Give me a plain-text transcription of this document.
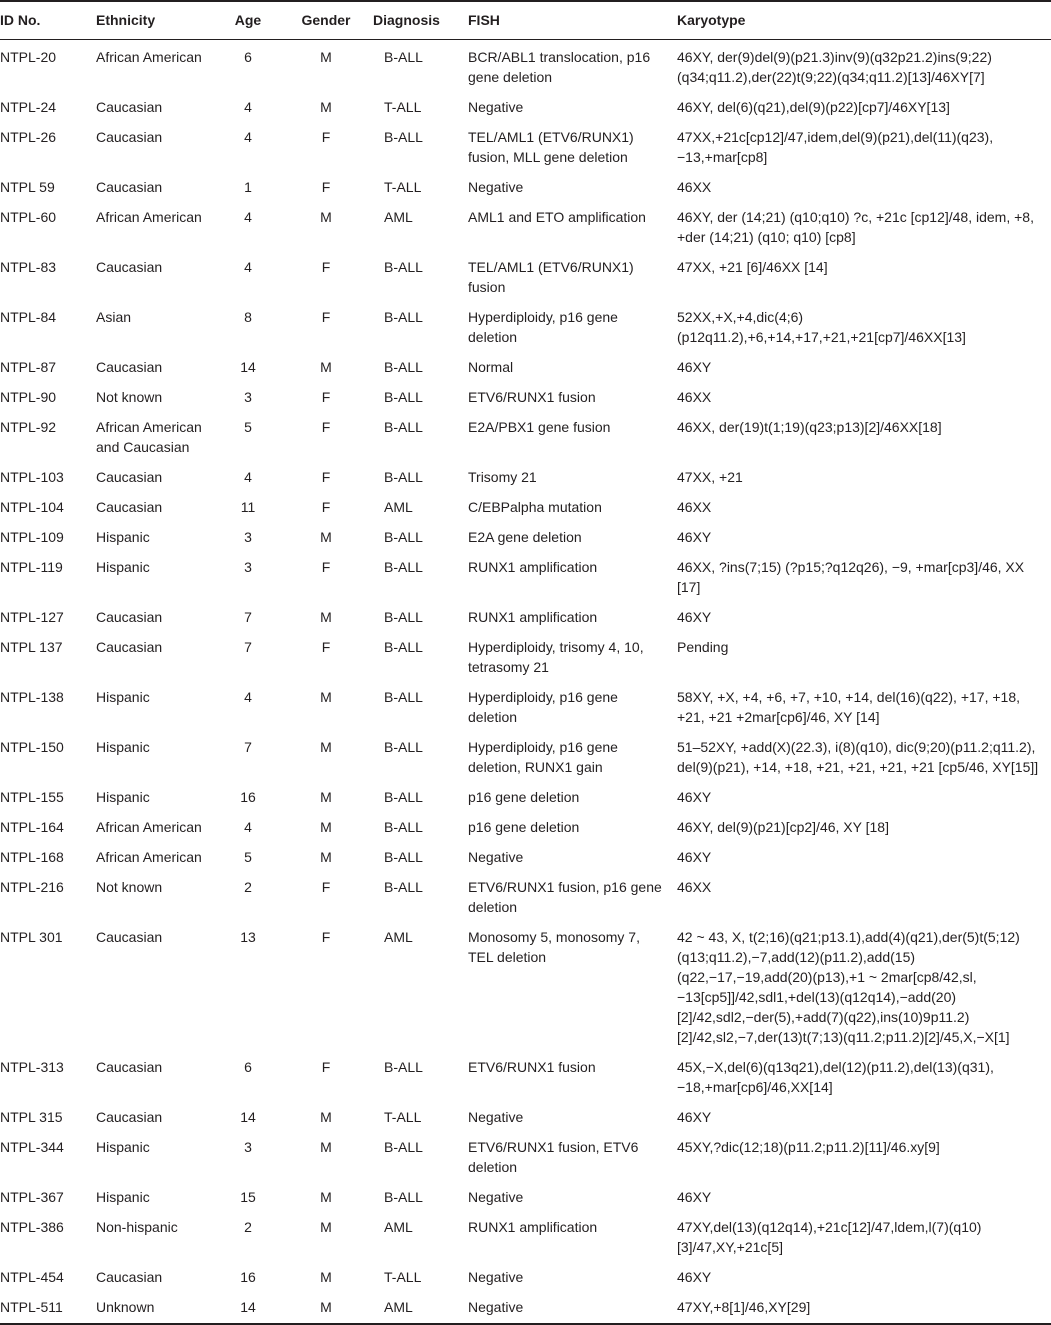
ID No.	Ethnicity	Age	Gender	Diagnosis	FISH	Karyotype
NTPL-20	African American	6	M	B-ALL	BCR/ABL1 translocation, p16 gene deletion	46XY, der(9)del(9)(p21.3)inv(9)(q32p21.2)ins(9;22)(q34;q11.2),der(22)t(9;22)(q34;q11.2)[13]/46XY[7]
NTPL-24	Caucasian	4	M	T-ALL	Negative	46XY, del(6)(q21),del(9)(p22)[cp7]/46XY[13]
NTPL-26	Caucasian	4	F	B-ALL	TEL/AML1 (ETV6/RUNX1) fusion, MLL gene deletion	47XX,+21c[cp12]/47,idem,del(9)(p21),del(11)(q23),−13,+mar[cp8]
NTPL 59	Caucasian	1	F	T-ALL	Negative	46XX
NTPL-60	African American	4	M	AML	AML1 and ETO amplification	46XY, der (14;21) (q10;q10) ?c, +21c [cp12]/48, idem, +8, +der (14;21) (q10; q10) [cp8]
NTPL-83	Caucasian	4	F	B-ALL	TEL/AML1 (ETV6/RUNX1) fusion	47XX, +21 [6]/46XX [14]
NTPL-84	Asian	8	F	B-ALL	Hyperdiploidy, p16 gene deletion	52XX,+X,+4,dic(4;6)(p12q11.2),+6,+14,+17,+21,+21[cp7]/46XX[13]
NTPL-87	Caucasian	14	M	B-ALL	Normal	46XY
NTPL-90	Not known	3	F	B-ALL	ETV6/RUNX1 fusion	46XX
NTPL-92	African American and Caucasian	5	F	B-ALL	E2A/PBX1 gene fusion	46XX, der(19)t(1;19)(q23;p13)[2]/46XX[18]
NTPL-103	Caucasian	4	F	B-ALL	Trisomy 21	47XX, +21
NTPL-104	Caucasian	11	F	AML	C/EBPalpha mutation	46XX
NTPL-109	Hispanic	3	M	B-ALL	E2A gene deletion	46XY
NTPL-119	Hispanic	3	F	B-ALL	RUNX1 amplification	46XX, ?ins(7;15) (?p15;?q12q26), −9, +mar[cp3]/46, XX [17]
NTPL-127	Caucasian	7	M	B-ALL	RUNX1 amplification	46XY
NTPL 137	Caucasian	7	F	B-ALL	Hyperdiploidy, trisomy 4, 10, tetrasomy 21	Pending
NTPL-138	Hispanic	4	M	B-ALL	Hyperdiploidy, p16 gene deletion	58XY, +X, +4, +6, +7, +10, +14, del(16)(q22), +17, +18, +21, +21 +2mar[cp6]/46, XY [14]
NTPL-150	Hispanic	7	M	B-ALL	Hyperdiploidy, p16 gene deletion, RUNX1 gain	51–52XY, +add(X)(22.3), i(8)(q10), dic(9;20)(p11.2;q11.2), del(9)(p21), +14, +18, +21, +21, +21, +21 [cp5/46, XY[15]]
NTPL-155	Hispanic	16	M	B-ALL	p16 gene deletion	46XY
NTPL-164	African American	4	M	B-ALL	p16 gene deletion	46XY, del(9)(p21)[cp2]/46, XY [18]
NTPL-168	African American	5	M	B-ALL	Negative	46XY
NTPL-216	Not known	2	F	B-ALL	ETV6/RUNX1 fusion, p16 gene deletion	46XX
NTPL 301	Caucasian	13	F	AML	Monosomy 5, monosomy 7, TEL deletion	42 ~ 43, X, t(2;16)(q21;p13.1),add(4)(q21),der(5)t(5;12)(q13;q11.2),−7,add(12)(p11.2),add(15)(q22,−17,−19,add(20)(p13),+1 ~ 2mar[cp8/42,sl,−13[cp5]]/42,sdl1,+del(13)(q12q14),−add(20)[2]/42,sdl2,−der(5),+add(7)(q22),ins(10)9p11.2)[2]/42,sl2,−7,der(13)t(7;13)(q11.2;p11.2)[2]/45,X,−X[1]
NTPL-313	Caucasian	6	F	B-ALL	ETV6/RUNX1 fusion	45X,−X,del(6)(q13q21),del(12)(p11.2),del(13)(q31),−18,+mar[cp6]/46,XX[14]
NTPL 315	Caucasian	14	M	T-ALL	Negative	46XY
NTPL-344	Hispanic	3	M	B-ALL	ETV6/RUNX1 fusion, ETV6 deletion	45XY,?dic(12;18)(p11.2;p11.2)[11]/46.xy[9]
NTPL-367	Hispanic	15	M	B-ALL	Negative	46XY
NTPL-386	Non-hispanic	2	M	AML	RUNX1 amplification	47XY,del(13)(q12q14),+21c[12]/47,ldem,l(7)(q10)[3]/47,XY,+21c[5]
NTPL-454	Caucasian	16	M	T-ALL	Negative	46XY
NTPL-511	Unknown	14	M	AML	Negative	47XY,+8[1]/46,XY[29]
